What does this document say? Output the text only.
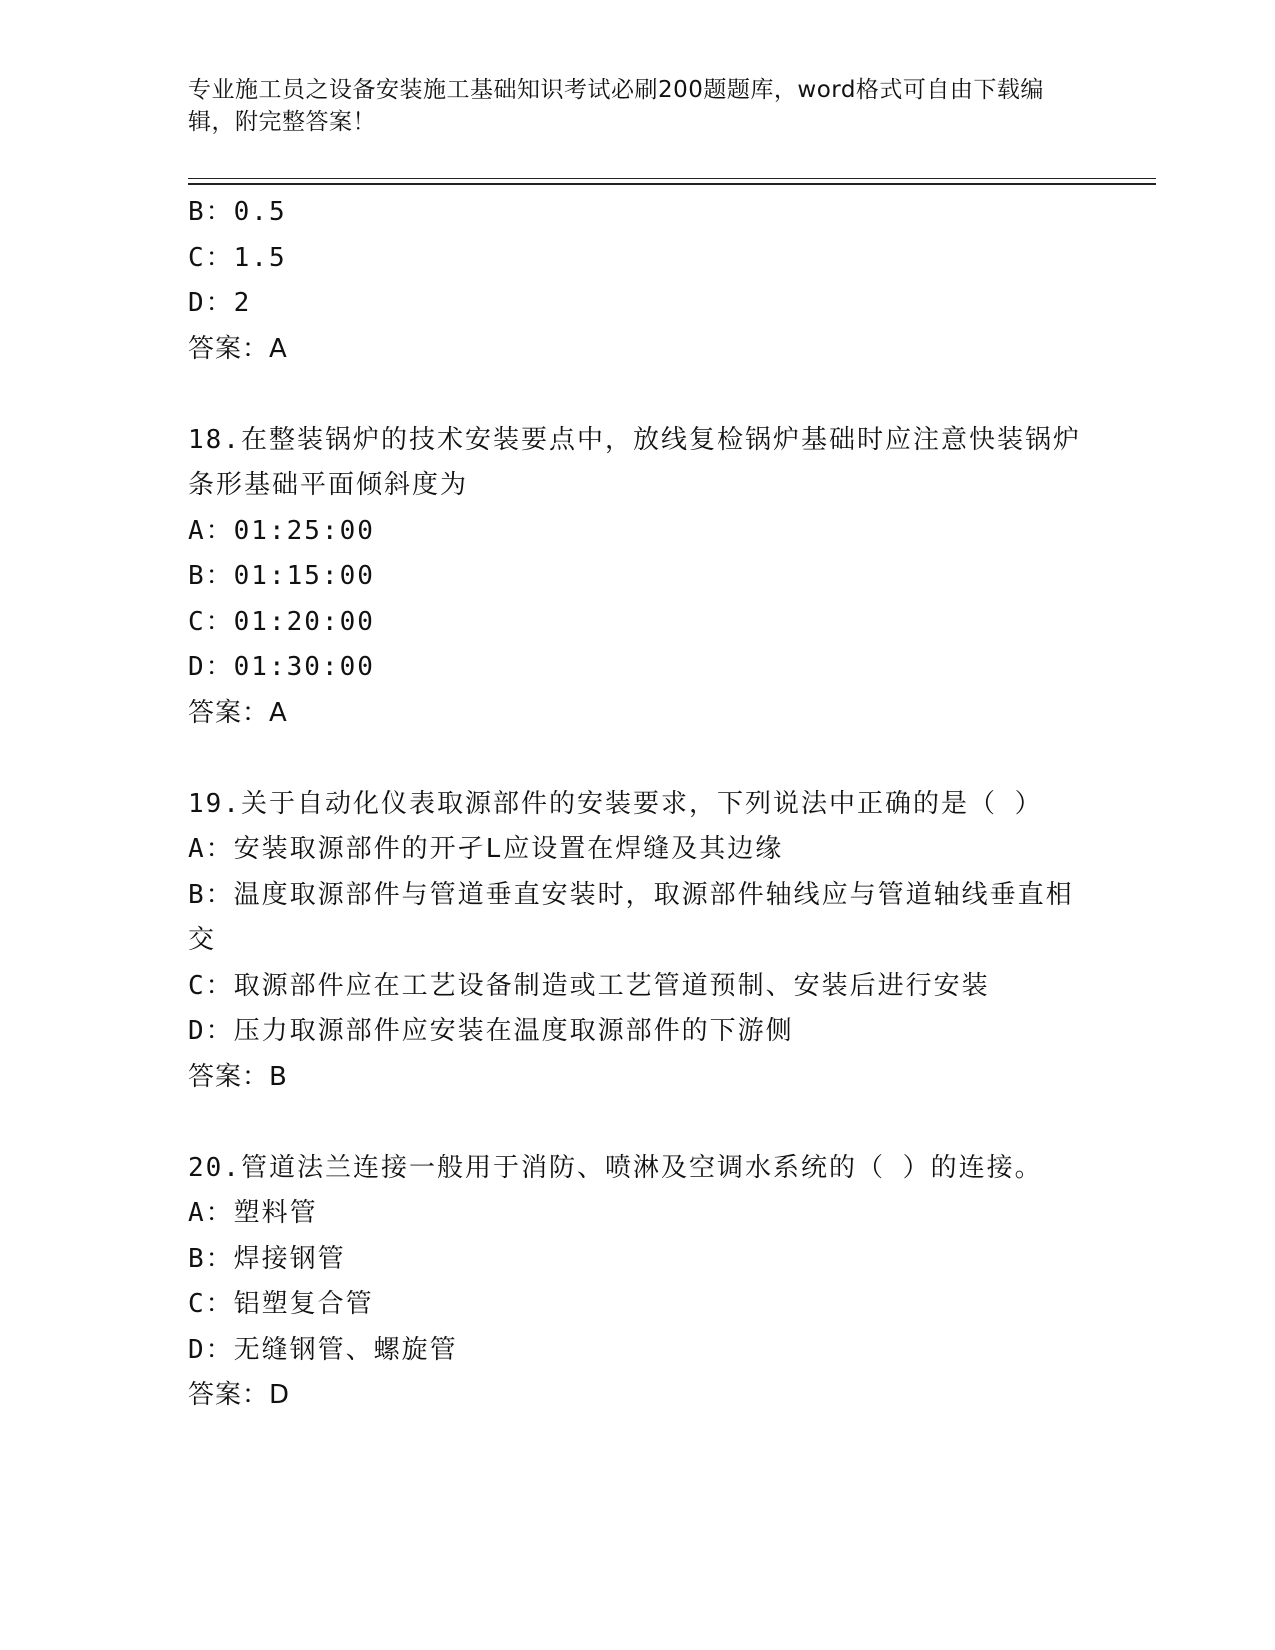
专业施工员之设备安装施工基础知识考试必刷200题题库，word格式可自由下载编辑，附完整答案！
B：0.5
C：1.5
D：2
答案：A
18.在整装锅炉的技术安装要点中，放线复检锅炉基础时应注意快装锅炉条形基础平面倾斜度为
A：01:25:00
B：01:15:00
C：01:20:00
D：01:30:00
答案：A
19.关于自动化仪表取源部件的安装要求，下列说法中正确的是（ ）
A：安装取源部件的开孑L应设置在焊缝及其边缘
B：温度取源部件与管道垂直安装时，取源部件轴线应与管道轴线垂直相交
C：取源部件应在工艺设备制造或工艺管道预制、安装后进行安装
D：压力取源部件应安装在温度取源部件的下游侧
答案：B
20.管道法兰连接一般用于消防、喷淋及空调水系统的（ ）的连接。
A：塑料管
B：焊接钢管
C：铝塑复合管
D：无缝钢管、螺旋管
答案：D
